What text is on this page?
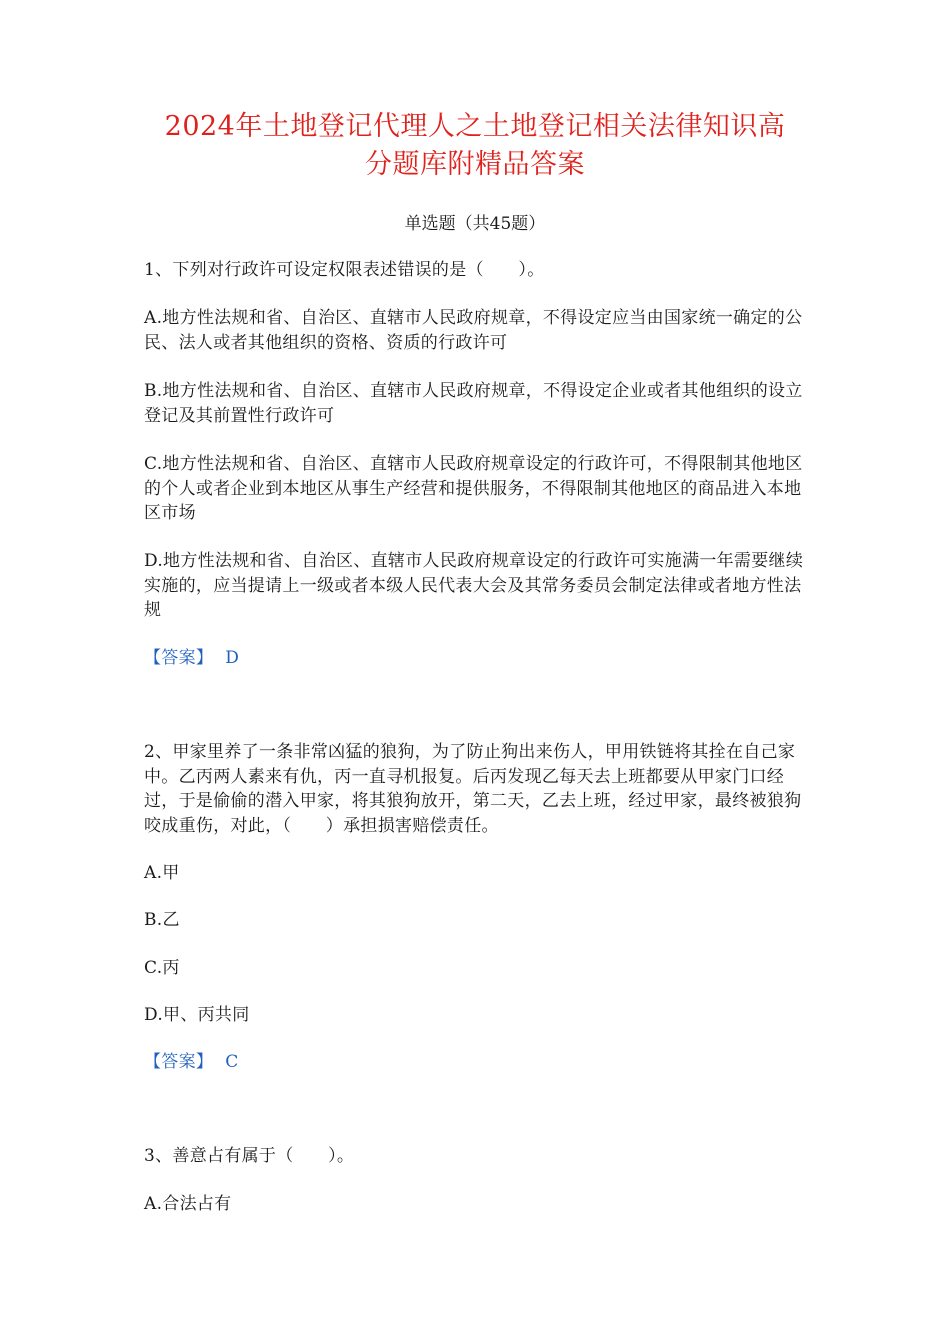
2024年土地登记代理人之土地登记相关法律知识高
分题库附精品答案
单选题（共45题）

1、下列对行政许可设定权限表述错误的是（　　）。

A.地方性法规和省、自治区、直辖市人民政府规章，不得设定应当由国家统一确定的公民、法人或者其他组织的资格、资质的行政许可

B.地方性法规和省、自治区、直辖市人民政府规章，不得设定企业或者其他组织的设立登记及其前置性行政许可

C.地方性法规和省、自治区、直辖市人民政府规章设定的行政许可，不得限制其他地区的个人或者企业到本地区从事生产经营和提供服务，不得限制其他地区的商品进入本地区市场

D.地方性法规和省、自治区、直辖市人民政府规章设定的行政许可实施满一年需要继续实施的，应当提请上一级或者本级人民代表大会及其常务委员会制定法律或者地方性法规

【答案】 D

2、甲家里养了一条非常凶猛的狼狗，为了防止狗出来伤人，甲用铁链将其拴在自己家中。乙丙两人素来有仇，丙一直寻机报复。后丙发现乙每天去上班都要从甲家门口经过，于是偷偷的潜入甲家，将其狼狗放开，第二天，乙去上班，经过甲家，最终被狼狗咬成重伤，对此，（　　）承担损害赔偿责任。

A.甲

B.乙

C.丙

D.甲、丙共同

【答案】 C

3、善意占有属于（　　）。

A.合法占有
